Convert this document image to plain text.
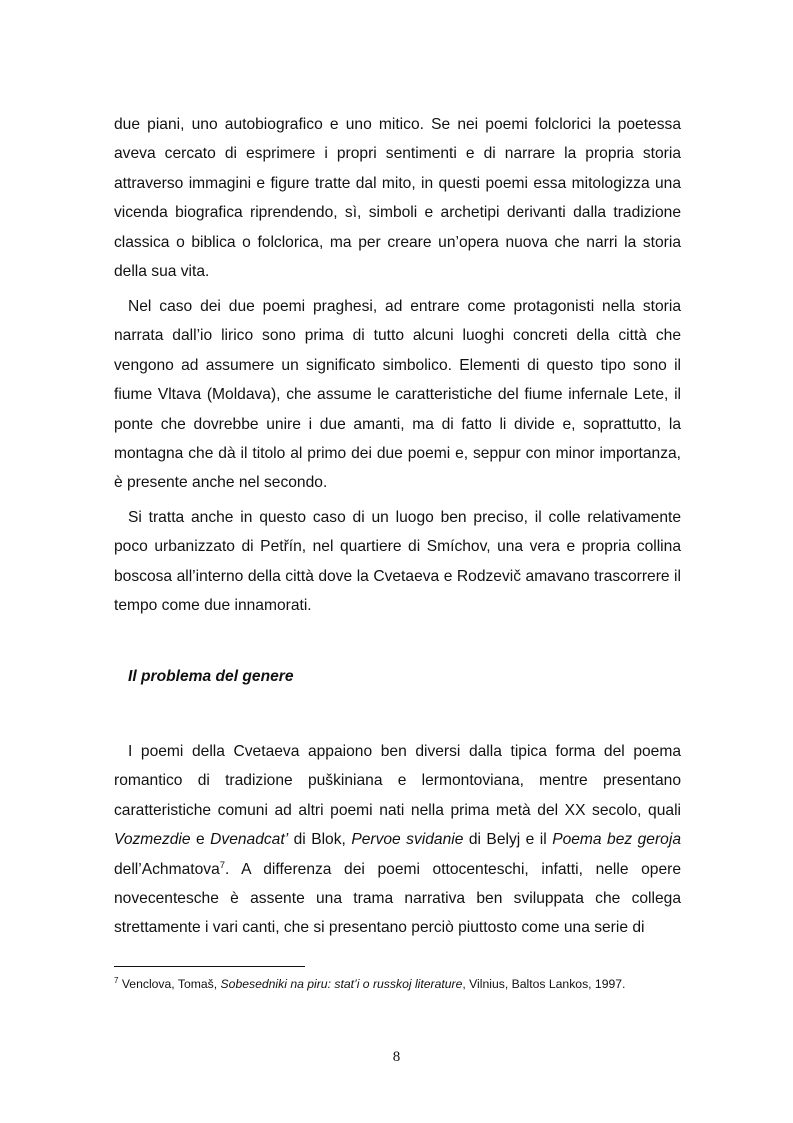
due piani, uno autobiografico e uno mitico. Se nei poemi folclorici la poetessa aveva cercato di esprimere i propri sentimenti e di narrare la propria storia attraverso immagini e figure tratte dal mito, in questi poemi essa mitologizza una vicenda biografica riprendendo, sì, simboli e archetipi derivanti dalla tradizione classica o biblica o folclorica, ma per creare un’opera nuova che narri la storia della sua vita.

Nel caso dei due poemi praghesi, ad entrare come protagonisti nella storia narrata dall’io lirico sono prima di tutto alcuni luoghi concreti della città che vengono ad assumere un significato simbolico. Elementi di questo tipo sono il fiume Vltava (Moldava), che assume le caratteristiche del fiume infernale Lete, il ponte che dovrebbe unire i due amanti, ma di fatto li divide e, soprattutto, la montagna che dà il titolo al primo dei due poemi e, seppur con minor importanza, è presente anche nel secondo.

Si tratta anche in questo caso di un luogo ben preciso, il colle relativamente poco urbanizzato di Petřín, nel quartiere di Smíchov, una vera e propria collina boscosa all’interno della città dove la Cvetaeva e Rodzevič amavano trascorrere il tempo come due innamorati.

Il problema del genere

I poemi della Cvetaeva appaiono ben diversi dalla tipica forma del poema romantico di tradizione puškiniana e lermontoviana, mentre presentano caratteristiche comuni ad altri poemi nati nella prima metà del XX secolo, quali Vozmezdie e Dvenadcat’ di Blok, Pervoe svidanie di Belyj e il Poema bez geroja dell’Achmatova$^7$. A differenza dei poemi ottocenteschi, infatti, nelle opere novecentesche è assente una trama narrativa ben sviluppata che collega strettamente i vari canti, che si presentano perciò piuttosto come una serie di

$^7$ Venclova, Tomaš, Sobesedniki na piru: stat’i o russkoj literature, Vilnius, Baltos Lankos, 1997.

8
